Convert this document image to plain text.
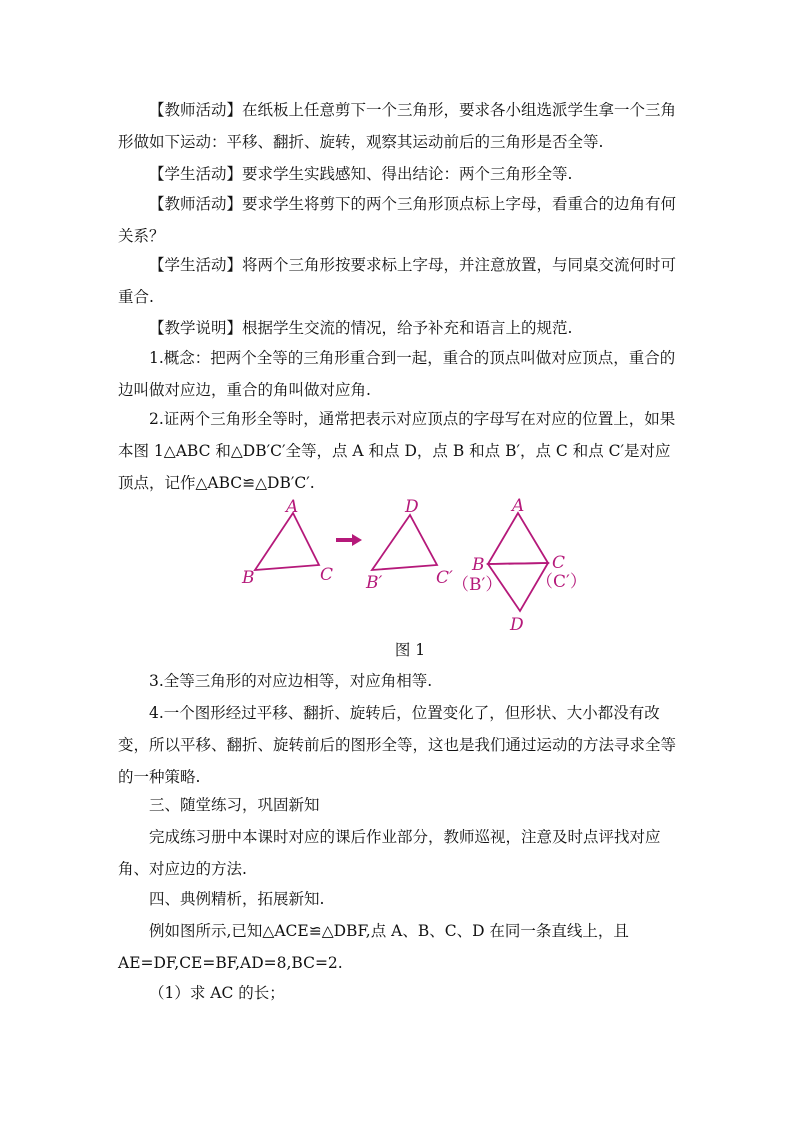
【教师活动】在纸板上任意剪下一个三角形，要求各小组选派学生拿一个三角形做如下运动：平移、翻折、旋转，观察其运动前后的三角形是否全等.

【学生活动】要求学生实践感知、得出结论：两个三角形全等.

【教师活动】要求学生将剪下的两个三角形顶点标上字母，看重合的边角有何关系？

【学生活动】将两个三角形按要求标上字母，并注意放置，与同桌交流何时可重合.

【教学说明】根据学生交流的情况，给予补充和语言上的规范.

1.概念：把两个全等的三角形重合到一起，重合的顶点叫做对应顶点，重合的边叫做对应边，重合的角叫做对应角.

2.证两个三角形全等时，通常把表示对应顶点的字母写在对应的位置上，如果本图 1△ABC 和△DB′C′全等，点 A 和点 D，点 B 和点 B′，点 C 和点 C′是对应顶点，记作△ABC≌△DB′C′.

A
B	C
D
B′	C′
A
B	C
（B′） （C′）
D
图 1

3.全等三角形的对应边相等，对应角相等.

4.一个图形经过平移、翻折、旋转后，位置变化了，但形状、大小都没有改变，所以平移、翻折、旋转前后的图形全等，这也是我们通过运动的方法寻求全等的一种策略.

三、随堂练习，巩固新知

完成练习册中本课时对应的课后作业部分，教师巡视，注意及时点评找对应角、对应边的方法.

四、典例精析，拓展新知.

例如图所示,已知△ACE≌△DBF,点 A、B、C、D 在同一条直线上，且 AE=DF,CE=BF,AD=8,BC=2.

（1）求 AC 的长；
